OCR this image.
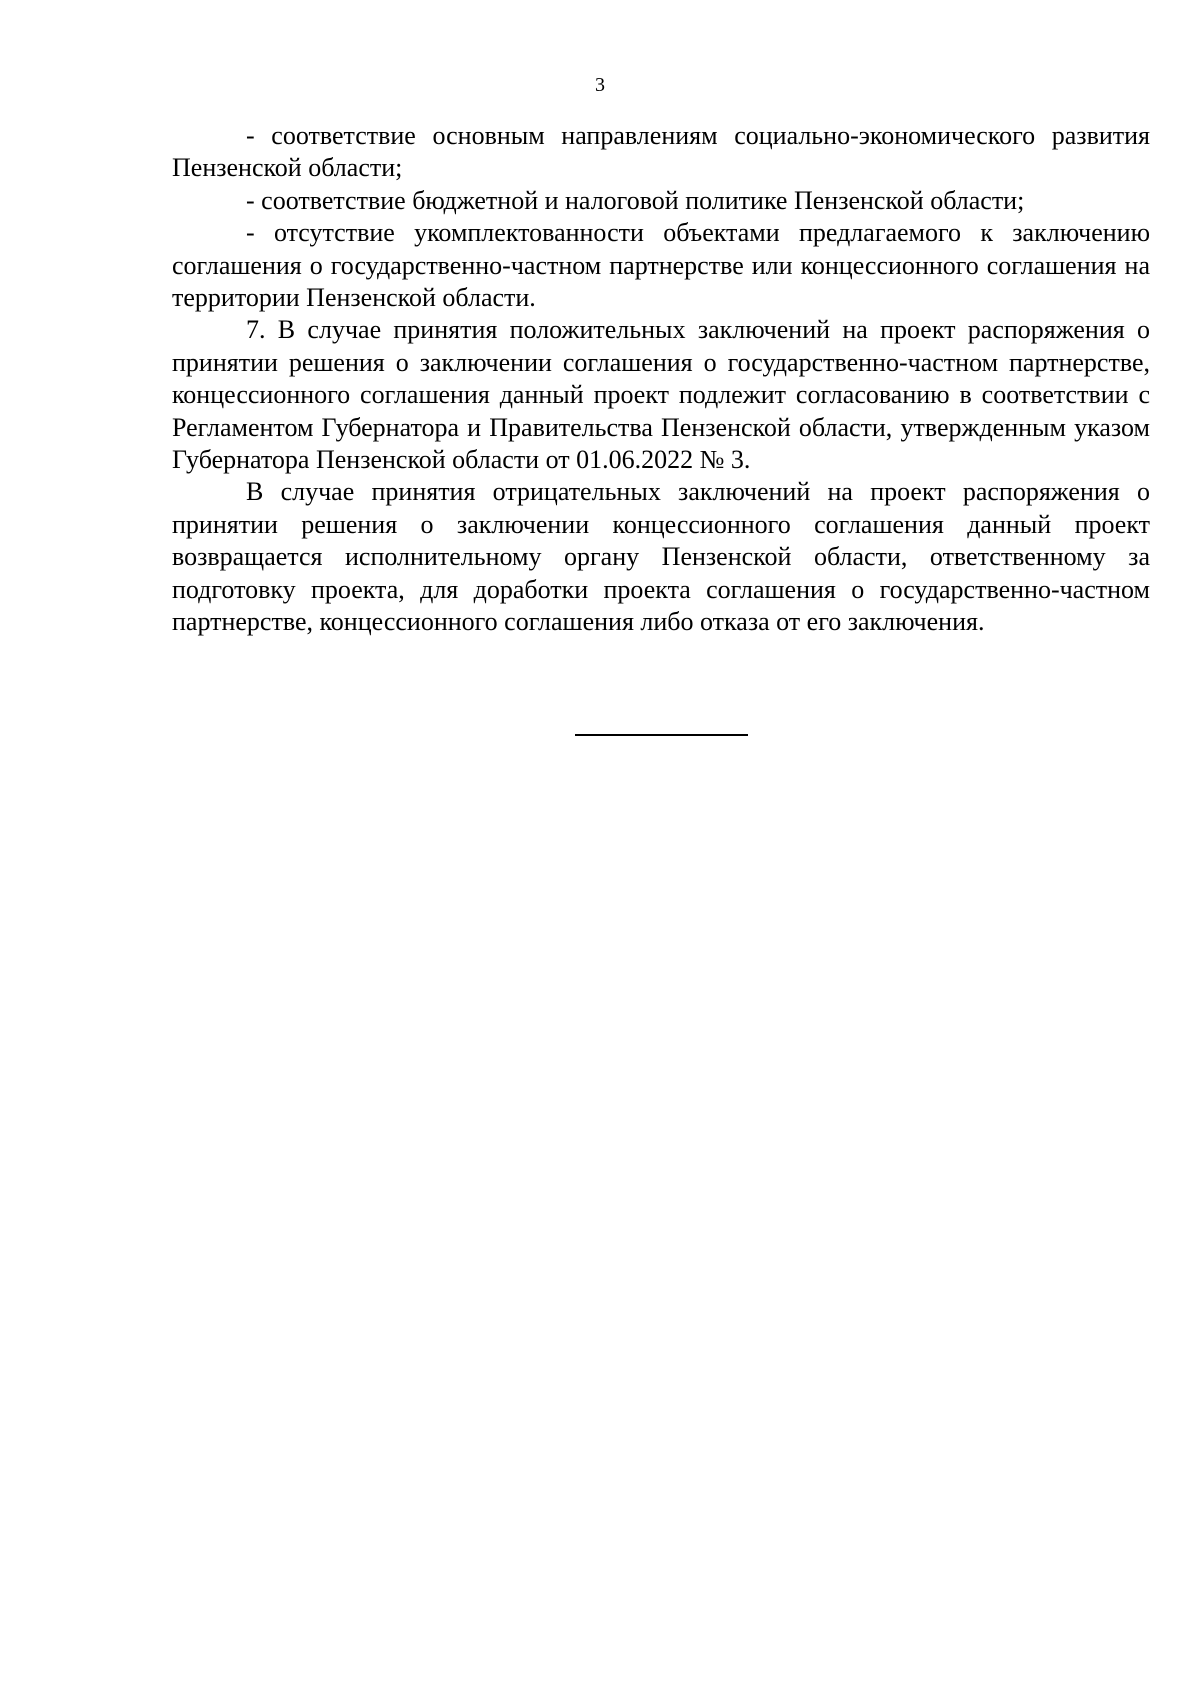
3

- соответствие основным направлениям социально-экономического развития Пензенской области;

- соответствие бюджетной и налоговой политике Пензенской области;

- отсутствие укомплектованности объектами предлагаемого к заключению соглашения о государственно-частном партнерстве или концессионного соглашения на территории Пензенской области.

7. В случае принятия положительных заключений на проект распоряжения о принятии решения о заключении соглашения о государственно-частном партнерстве, концессионного соглашения данный проект подлежит согласованию в соответствии с Регламентом Губернатора и Правительства Пензенской области, утвержденным указом Губернатора Пензенской области от 01.06.2022 № 3.

В случае принятия отрицательных заключений на проект распоряжения о принятии решения о заключении концессионного соглашения данный проект возвращается исполнительному органу Пензенской области, ответственному за подготовку проекта, для доработки проекта соглашения о государственно-частном партнерстве, концессионного соглашения либо отказа от его заключения.
